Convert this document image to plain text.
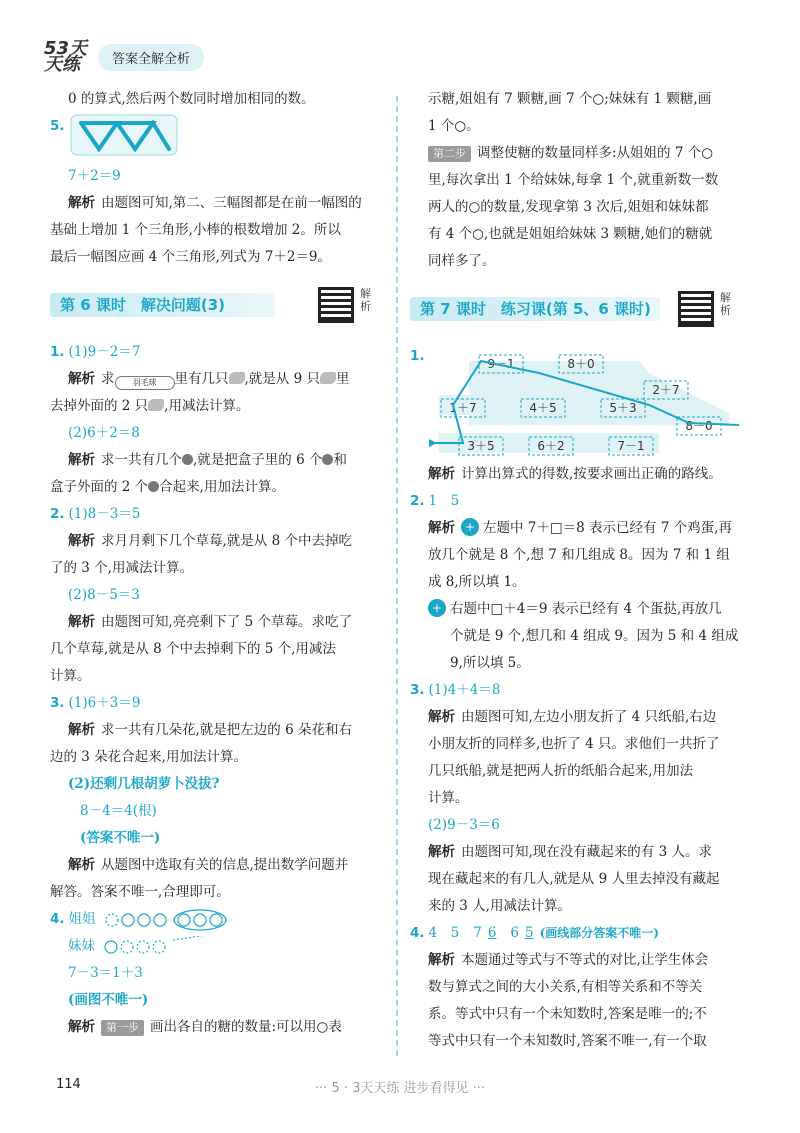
53天天练	答案全解全析

0 的算式,然后两个数同时增加相同的数。

5.

7＋2＝9

解析 由题图可知,第二、三幅图都是在前一幅图的

基础上增加 1 个三角形,小棒的根数增加 2。所以

最后一幅图应画 4 个三角形,列式为 7＋2＝9。

第 6 课时　解决问题(3)
解析

1. (1)9－2＝7

解析 求 羽毛球 里有几只 ,就是从 9 只 里

去掉外面的 2 只 ,用减法计算。

(2)6＋2＝8

解析 求一共有几个 ,就是把盒子里的 6 个 和

盒子外面的 2 个 合起来,用加法计算。

2. (1)8－3＝5

解析 求月月剩下几个草莓,就是从 8 个中去掉吃

了的 3 个,用减法计算。

(2)8－5＝3

解析 由题图可知,亮亮剩下了 5 个草莓。求吃了

几个草莓,就是从 8 个中去掉剩下的 5 个,用减法

计算。

3. (1)6＋3＝9

解析 求一共有几朵花,就是把左边的 6 朵花和右

边的 3 朵花合起来,用加法计算。

(2)还剩几根胡萝卜没拔?

8－4＝4(根)

(答案不唯一)

解析 从题图中选取有关的信息,提出数学问题并

解答。答案不唯一,合理即可。

4. 姐姐
妹妹

7－3＝1＋3

(画图不唯一)

解析 第一步 画出各自的糖的数量:可以用○表

示糖,姐姐有 7 颗糖,画 7 个○;妹妹有 1 颗糖,画

1 个○。

第二步 调整使糖的数量同样多:从姐姐的 7 个○

里,每次拿出 1 个给妹妹,每拿 1 个,就重新数一数

两人的○的数量,发现拿第 3 次后,姐姐和妹妹都

有 4 个○,也就是姐姐给妹妹 3 颗糖,她们的糖就

同样多了。

第 7 课时　练习课(第 5、6 课时)
解析
1.	9－1	8＋0
2＋7
1＋7	4＋5	5＋3
8－0
3＋5	6＋2	7－1

解析 计算出算式的得数,按要求画出正确的路线。

2. 1　5

解析 + 左题中 7＋□＝8 表示已经有 7 个鸡蛋,再

放几个就是 8 个,想 7 和几组成 8。因为 7 和 1 组

成 8,所以填 1。

+ 右题中□＋4＝9 表示已经有 4 个蛋挞,再放几

个就是 9 个,想几和 4 组成 9。因为 5 和 4 组成

9,所以填 5。

3. (1)4＋4＝8

解析 由题图可知,左边小朋友折了 4 只纸船,右边

小朋友折的同样多,也折了 4 只。求他们一共折了

几只纸船,就是把两人折的纸船合起来,用加法

计算。

(2)9－3＝6

解析 由题图可知,现在没有藏起来的有 3 人。求

现在藏起来的有几人,就是从 9 人里去掉没有藏起

来的 3 人,用减法计算。

4. 4　5 7 6 6 5 (画线部分答案不唯一)

解析 本题通过等式与不等式的对比,让学生体会

数与算式之间的大小关系,有相等关系和不等关

系。等式中只有一个未知数时,答案是唯一的;不

等式中只有一个未知数时,答案不唯一,有一个取

114	··· 5 · 3天天练 进步看得见 ···
